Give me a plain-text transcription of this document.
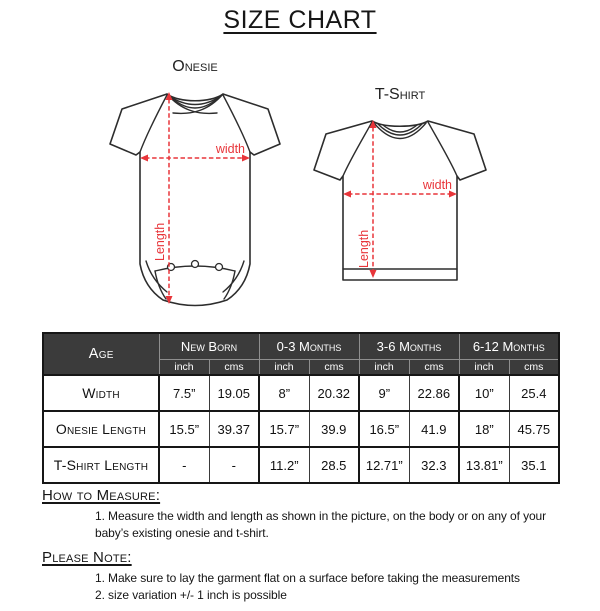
SIZE CHART
Onesie
width
Length
T-Shirt
width
Length
Age	New Born		0-3 Months		3-6 Months		6-12 Months	
	inch	cms	inch	cms	inch	cms	inch	cms
Width	7.5”	19.05	8”	20.32	9”	22.86	10”	25.4
Onesie Length	15.5”	39.37	15.7”	39.9	16.5”	41.9	18”	45.75
T-Shirt Length	-	-	11.2”	28.5	12.71”	32.3	13.81”	35.1
How to Measure:
1. Measure the width and length as shown in the picture, on the body or on any of your baby’s existing onesie and t-shirt.
Please Note:
1. Make sure to lay the garment flat on a surface before taking the measurements
2. size variation +/- 1 inch is possible
